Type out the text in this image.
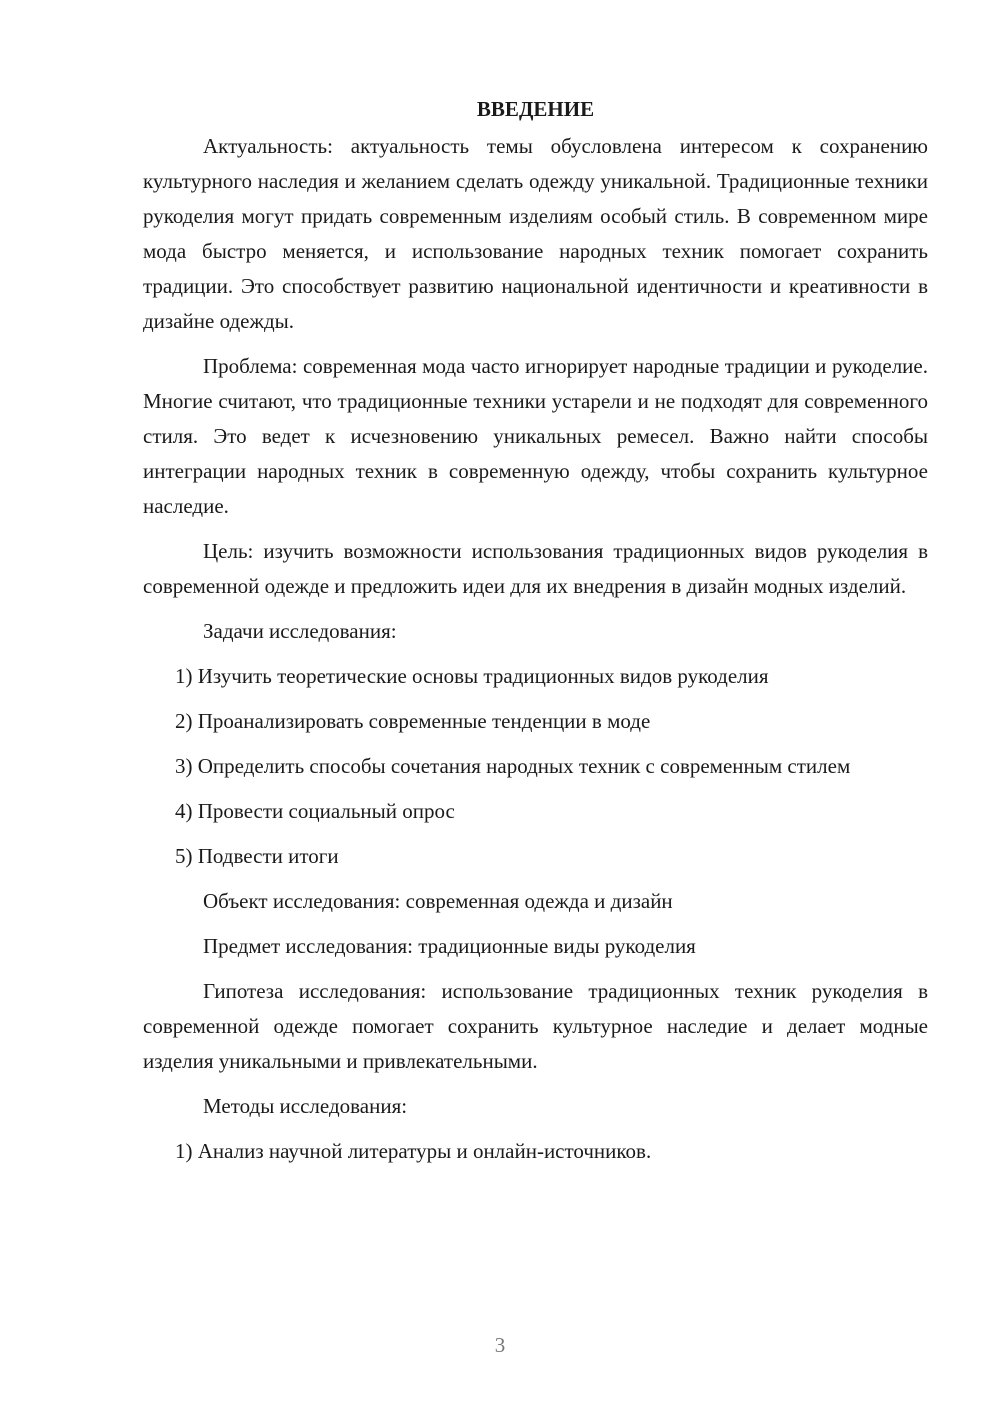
ВВЕДЕНИЕ

Актуальность: актуальность темы обусловлена интересом к сохранению культурного наследия и желанием сделать одежду уникальной. Традиционные техники рукоделия могут придать современным изделиям особый стиль. В современном мире мода быстро меняется, и использование народных техник помогает сохранить традиции. Это способствует развитию национальной идентичности и креативности в дизайне одежды.

Проблема: современная мода часто игнорирует народные традиции и рукоделие. Многие считают, что традиционные техники устарели и не подходят для современного стиля. Это ведет к исчезновению уникальных ремесел. Важно найти способы интеграции народных техник в современную одежду, чтобы сохранить культурное наследие.

Цель: изучить возможности использования традиционных видов рукоделия в современной одежде и предложить идеи для их внедрения в дизайн модных изделий.

Задачи исследования:

1) Изучить теоретические основы традиционных видов рукоделия

2) Проанализировать современные тенденции в моде

3) Определить способы сочетания народных техник с современным стилем

4) Провести социальный опрос

5) Подвести итоги

Объект исследования: современная одежда и дизайн

Предмет исследования: традиционные виды рукоделия

Гипотеза исследования: использование традиционных техник рукоделия в современной одежде помогает сохранить культурное наследие и делает модные изделия уникальными и привлекательными.

Методы исследования:

1) Анализ научной литературы и онлайн-источников.

3
